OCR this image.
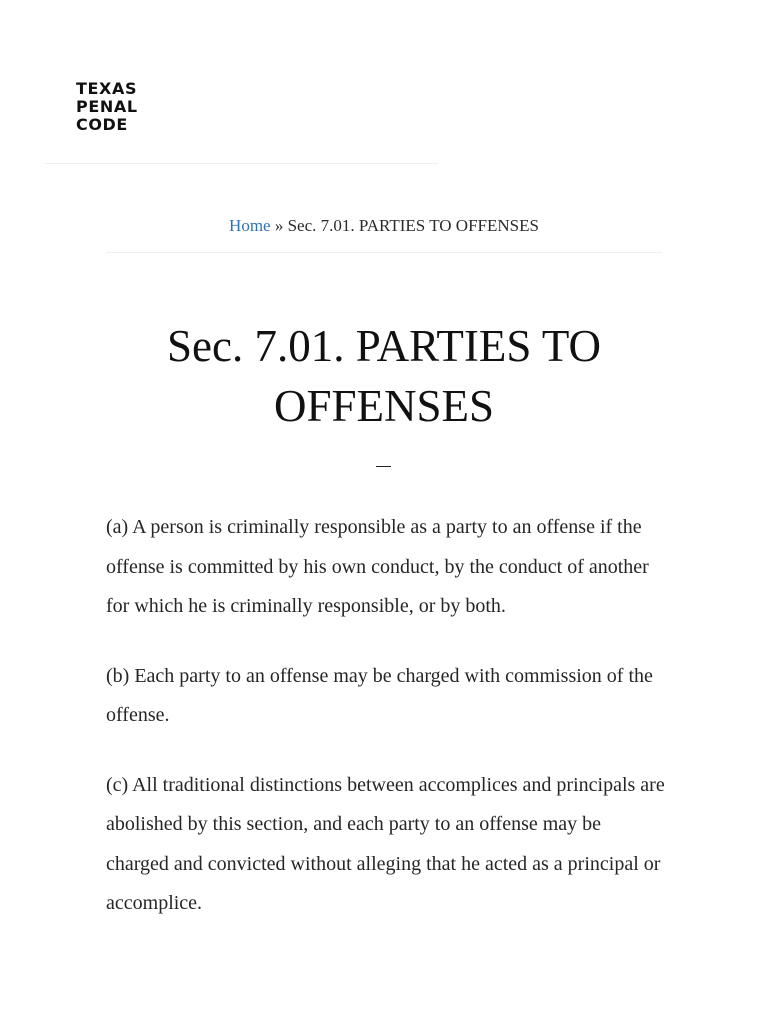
TEXAS
PENAL
CODE
Home » Sec. 7.01. PARTIES TO OFFENSES
Sec. 7.01. PARTIES TO OFFENSES

(a) A person is criminally responsible as a party to an offense if the offense is committed by his own conduct, by the conduct of another for which he is criminally responsible, or by both.

(b) Each party to an offense may be charged with commission of the offense.

(c) All traditional distinctions between accomplices and principals are abolished by this section, and each party to an offense may be charged and convicted without alleging that he acted as a principal or accomplice.
